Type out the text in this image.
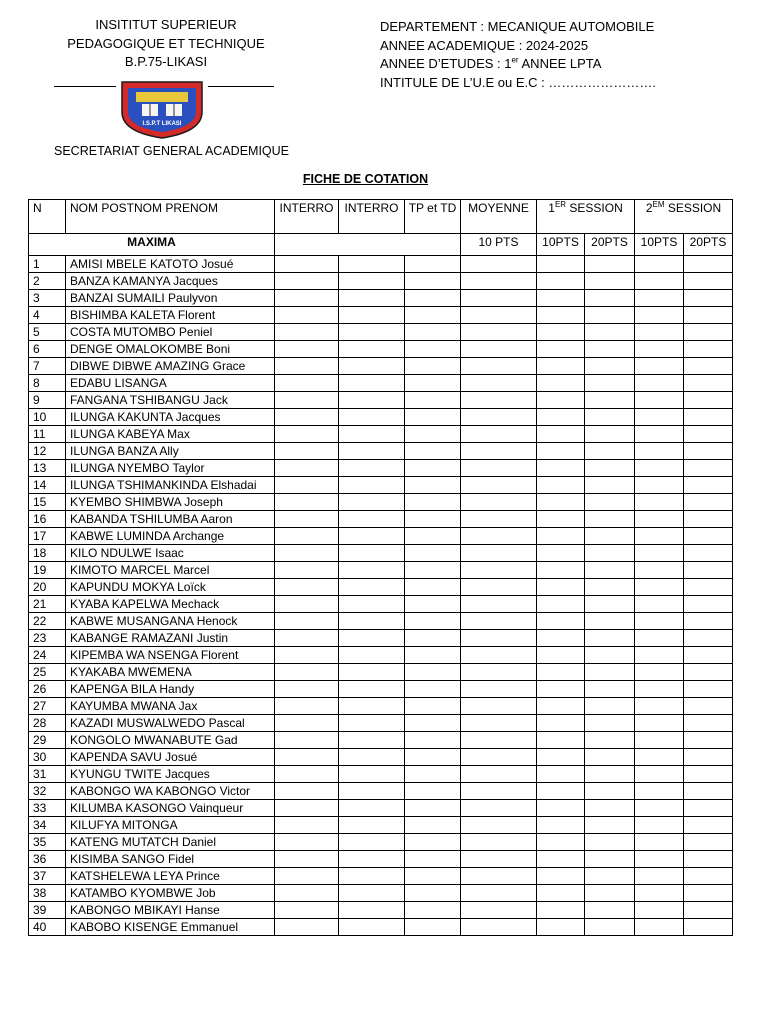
INSITITUT SUPERIEUR
PEDAGOGIQUE ET TECHNIQUE
B.P.75-LIKASI
I.S.P.T LIKASI
SECRETARIAT GENERAL ACADEMIQUE
DEPARTEMENT : MECANIQUE AUTOMOBILE
ANNEE ACADEMIQUE : 2024-2025
ANNEE D’ETUDES : 1er ANNEE LPTA
INTITULE DE L’U.E ou E.C : …………………….
FICHE DE COTATION
N	NOM POSTNOM PRENOM	INTERRO	INTERRO	TP et TD	MOYENNE	1ER SESSION		$2^{EM}$ SESSION	
MAXIMA					10 PTS	10PTS	20PTS	10PTS	20PTS
1	AMISI MBELE KATOTO Josué								
2	BANZA KAMANYA Jacques								
3	BANZAI SUMAILI Paulyvon								
4	BISHIMBA KALETA Florent								
5	COSTA MUTOMBO Peniel								
6	DENGE OMALOKOMBE Boni								
7	DIBWE DIBWE AMAZING Grace								
8	EDABU LISANGA								
9	FANGANA TSHIBANGU Jack								
10	ILUNGA KAKUNTA Jacques								
11	ILUNGA KABEYA Max								
12	ILUNGA BANZA Ally								
13	ILUNGA NYEMBO Taylor								
14	ILUNGA TSHIMANKINDA Elshadai								
15	KYEMBO SHIMBWA Joseph								
16	KABANDA TSHILUMBA Aaron								
17	KABWE LUMINDA Archange								
18	KILO NDULWE Isaac								
19	KIMOTO MARCEL Marcel								
20	KAPUNDU MOKYA Loïck								
21	KYABA KAPELWA Mechack								
22	KABWE MUSANGANA Henock								
23	KABANGE RAMAZANI Justin								
24	KIPEMBA WA NSENGA Florent								
25	KYAKABA MWEMENA								
26	KAPENGA BILA Handy								
27	KAYUMBA MWANA Jax								
28	KAZADI MUSWALWEDO Pascal								
29	KONGOLO MWANABUTE Gad								
30	KAPENDA SAVU Josué								
31	KYUNGU TWITE Jacques								
32	KABONGO WA KABONGO Victor								
33	KILUMBA KASONGO Vainqueur								
34	KILUFYA MITONGA								
35	KATENG MUTATCH Daniel								
36	KISIMBA SANGO Fidel								
37	KATSHELEWA LEYA Prince								
38	KATAMBO KYOMBWE Job								
39	KABONGO MBIKAYI Hanse								
40	KABOBO KISENGE Emmanuel								
